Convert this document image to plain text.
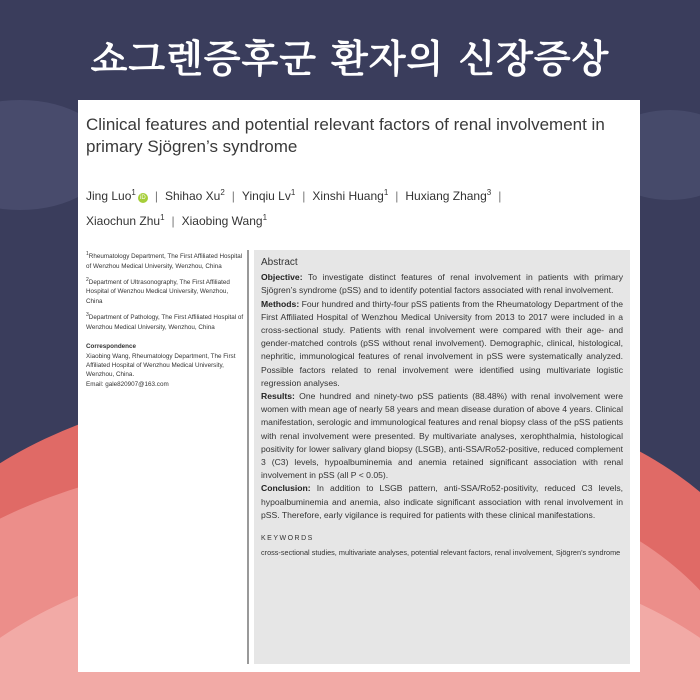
쇼그렌증후군 환자의 신장증상
Clinical features and potential relevant factors of renal involvement in primary Sjögren’s syndrome
Jing Luo$^1$iD | Shihao Xu$^2$ | Yinqiu Lv$^1$ | Xinshi Huang$^1$ | Huxiang Zhang$^3$ |
Xiaochun Zhu$^1$ | Xiaobing Wang$^1$

$^1$Rheumatology Department, The First Affiliated Hospital of Wenzhou Medical University, Wenzhou, China

$^2$Department of Ultrasonography, The First Affiliated Hospital of Wenzhou Medical University, Wenzhou, China

$^3$Department of Pathology, The First Affiliated Hospital of Wenzhou Medical University, Wenzhou, China

Correspondence
Xiaobing Wang, Rheumatology Department, The First Affiliated Hospital of Wenzhou Medical University, Wenzhou, China.
Email: gale820907@163.com
Abstract

Objective: To investigate distinct features of renal involvement in patients with primary Sjögren’s syndrome (pSS) and to identify potential factors associated with renal involvement.

Methods: Four hundred and thirty-four pSS patients from the Rheumatology Department of the First Affiliated Hospital of Wenzhou Medical University from 2013 to 2017 were included in a cross-sectional study. Patients with renal involvement were compared with their age- and gender-matched controls (pSS without renal involvement). Demographic, clinical, histological, nephritic, immunological features of renal involvement in pSS were systematically analyzed. Possible factors related to renal involvement were identified using multivariate logistic regression analyses.

Results: One hundred and ninety-two pSS patients (88.48%) with renal involvement were women with mean age of nearly 58 years and mean disease duration of above 4 years. Clinical manifestation, serologic and immunological features and renal biopsy class of the pSS patients with renal involvement were presented. By multivariate analyses, xerophthalmia, histological positivity for lower salivary gland biopsy (LSGB), anti-SSA/Ro52-positive, reduced complement 3 (C3) levels, hypoalbuminemia and anemia retained significant association with renal involvement in pSS (all P < 0.05).

Conclusion: In addition to LSGB pattern, anti-SSA/Ro52-positivity, reduced C3 levels, hypoalbuminemia and anemia, also indicate significant association with renal involvement in pSS. Therefore, early vigilance is required for patients with these clinical manifestations.

KEYWORDS
cross-sectional studies, multivariate analyses, potential relevant factors, renal involvement, Sjögren’s syndrome
